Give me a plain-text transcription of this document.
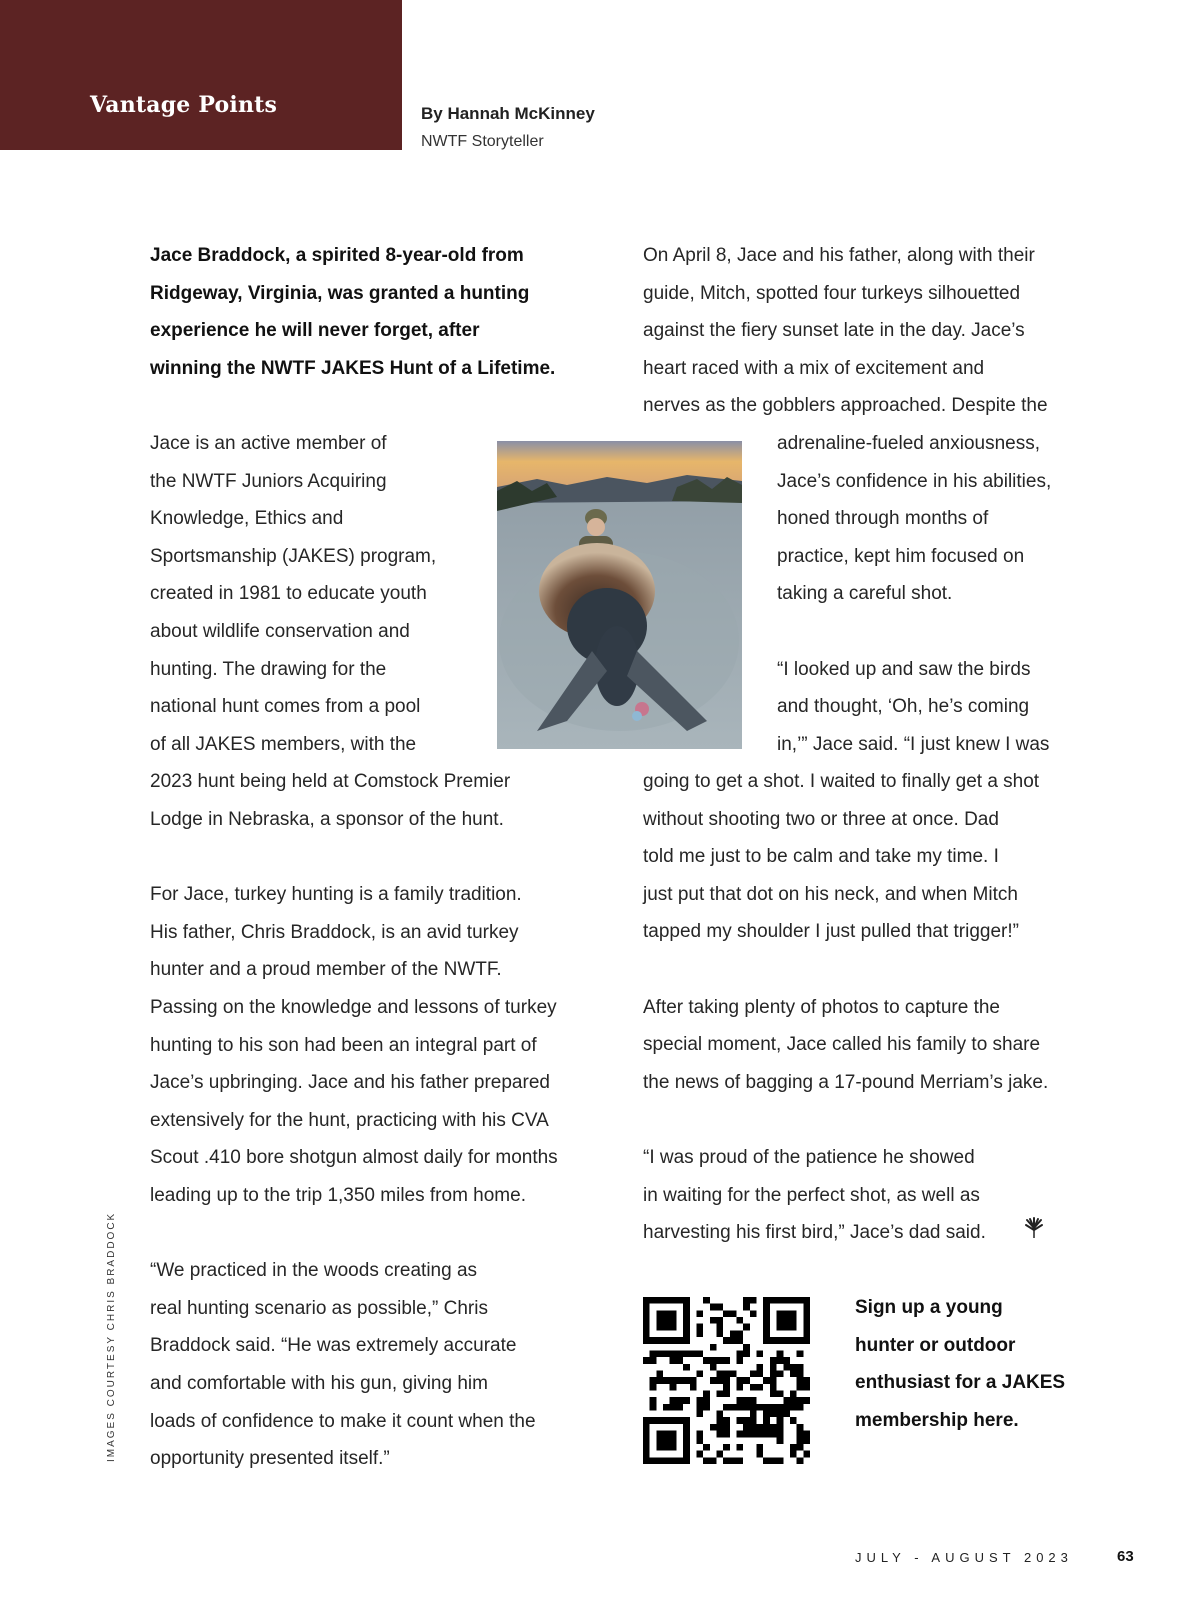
Vantage Points	By Hannah McKinney
NWTF Storyteller
Jace Braddock, a spirited 8-year-old from
Ridgeway, Virginia, was granted a hunting
experience he will never forget, after
winning the NWTF JAKES Hunt of a Lifetime.
Jace is an active member of
the NWTF Juniors Acquiring
Knowledge, Ethics and
Sportsmanship (JAKES) program,
created in 1981 to educate youth
about wildlife conservation and
hunting. The drawing for the
national hunt comes from a pool
of all JAKES members, with the
2023 hunt being held at Comstock Premier
Lodge in Nebraska, a sponsor of the hunt.
For Jace, turkey hunting is a family tradition.
His father, Chris Braddock, is an avid turkey
hunter and a proud member of the NWTF.
Passing on the knowledge and lessons of turkey
hunting to his son had been an integral part of
Jace’s upbringing. Jace and his father prepared
extensively for the hunt, practicing with his CVA
Scout .410 bore shotgun almost daily for months
leading up to the trip 1,350 miles from home.
“We practiced in the woods creating as
real hunting scenario as possible,” Chris
Braddock said. “He was extremely accurate
and comfortable with his gun, giving him
loads of confidence to make it count when the
opportunity presented itself.”
On April 8, Jace and his father, along with their
guide, Mitch, spotted four turkeys silhouetted
against the fiery sunset late in the day. Jace’s
heart raced with a mix of excitement and
nerves as the gobblers approached. Despite the
adrenaline-fueled anxiousness,
Jace’s confidence in his abilities,
honed through months of
practice, kept him focused on
taking a careful shot.
“I looked up and saw the birds
and thought, ‘Oh, he’s coming
in,’” Jace said. “I just knew I was
going to get a shot. I waited to finally get a shot
without shooting two or three at once. Dad
told me just to be calm and take my time. I
just put that dot on his neck, and when Mitch
tapped my shoulder I just pulled that trigger!”
After taking plenty of photos to capture the
special moment, Jace called his family to share
the news of bagging a 17-pound Merriam’s jake.
“I was proud of the patience he showed
in waiting for the perfect shot, as well as
harvesting his first bird,” Jace’s dad said.
Sign up a young
hunter or outdoor
enthusiast for a JAKES
membership here.
IMAGES COURTESY CHRIS BRADDOCK
JULY - AUGUST 2023	63
